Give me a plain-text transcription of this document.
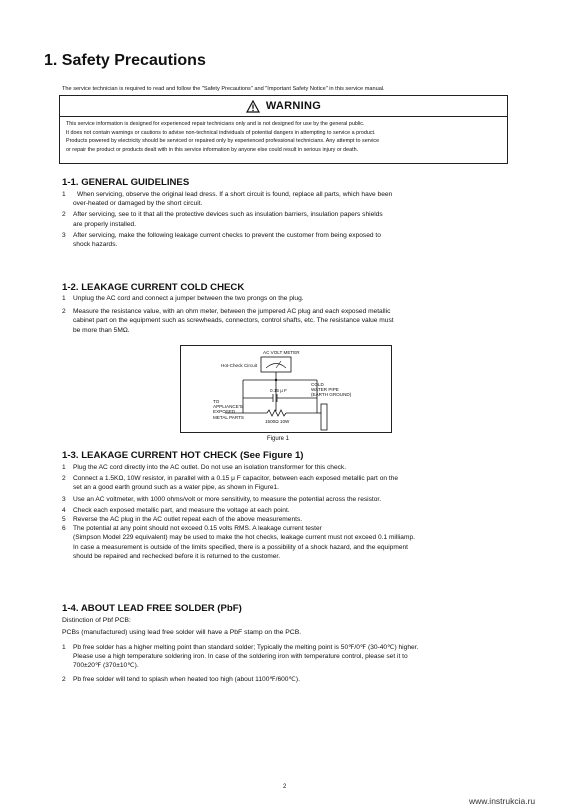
1. Safety Precautions

The service technician is required to read and follow the "Safety Precautions" and "Important Safety Notice" in this service manual.

WARNING
This service information is designed for experienced repair technicians only and is not designed for use by the general public.
It does not contain warnings or cautions to advise non-technical individuals of potential dangers in attempting to service a product.
Products powered by electricity should be serviced or repaired only by experienced professional technicians. Any attempt to service
or repair the product or products dealt with in this service information by anyone else could result in serious injury or death.

1-1. GENERAL GUIDELINES

1	When servicing, observe the original lead dress. If a short circuit is found, replace all parts, which have been
over-heated or damaged by the short circuit.
2	After servicing, see to it that all the protective devices such as insulation barriers, insulation papers shields
are properly installed.
3	After servicing, make the following leakage current checks to prevent the customer from being exposed to
shock hazards.

1-2. LEAKAGE CURRENT COLD CHECK

1	Unplug the AC cord and connect a jumper between the two prongs on the plug.
2	Measure the resistance value, with an ohm meter, between the jumpered AC plug and each exposed metallic
cabinet part on the equipment such as screwheads, connectors, control shafts, etc. The resistance value must
be more than 5MΩ.
AC VOLT METER
Hot-Check Circuit
COLD
WATER PIPE
(EARTH GROUND)
0.15 μ F
TO
APPLIANCE'S
EXPOSED
METAL PARTS
1500Ω 10W
Figure 1

1-3. LEAKAGE CURRENT HOT CHECK (See Figure 1)

1	Plug the AC cord directly into the AC outlet. Do not use an isolation transformer for this check.
2	Connect a 1.5KΩ, 10W resistor, in parallel with a 0.15 μ F capacitor, between each exposed metallic part on the
set an a good earth ground such as a water pipe, as shown in Figure1.
3	Use an AC voltmeter, with 1000 ohms/volt or more sensitivity, to measure the potential across the resistor.
4	Check each exposed metallic part, and measure the voltage at each point.
5	Reverse the AC plug in the AC outlet repeat each of the above measurements.
6	The potential at any point should not exceed 0.15 volts RMS. A leakage current tester
(Simpson Model 229 equivalent) may be used to make the hot checks, leakage current must not exceed 0.1 milliamp.
In case a measurement is outside of the limits specified, there is a possibility of a shock hazard, and the equipment
should be repaired and rechecked before it is returned to the customer.

1-4. ABOUT LEAD FREE SOLDER (PbF)

Distinction of Pbf PCB:
PCBs (manufactured) using lead free solder will have a PbF stamp on the PCB.
1	Pb free solder has a higher melting point than standard solder; Typically the melting point is 50℉/0℉ (30-40℃) higher.
Please use a high temperature soldering iron. In case of the soldering iron with temperature control, please set it to
700±20℉ (370±10℃).
2	Pb free solder will tend to splash when heated too high (about 1100℉/600℃).
2
www.instrukcia.ru
